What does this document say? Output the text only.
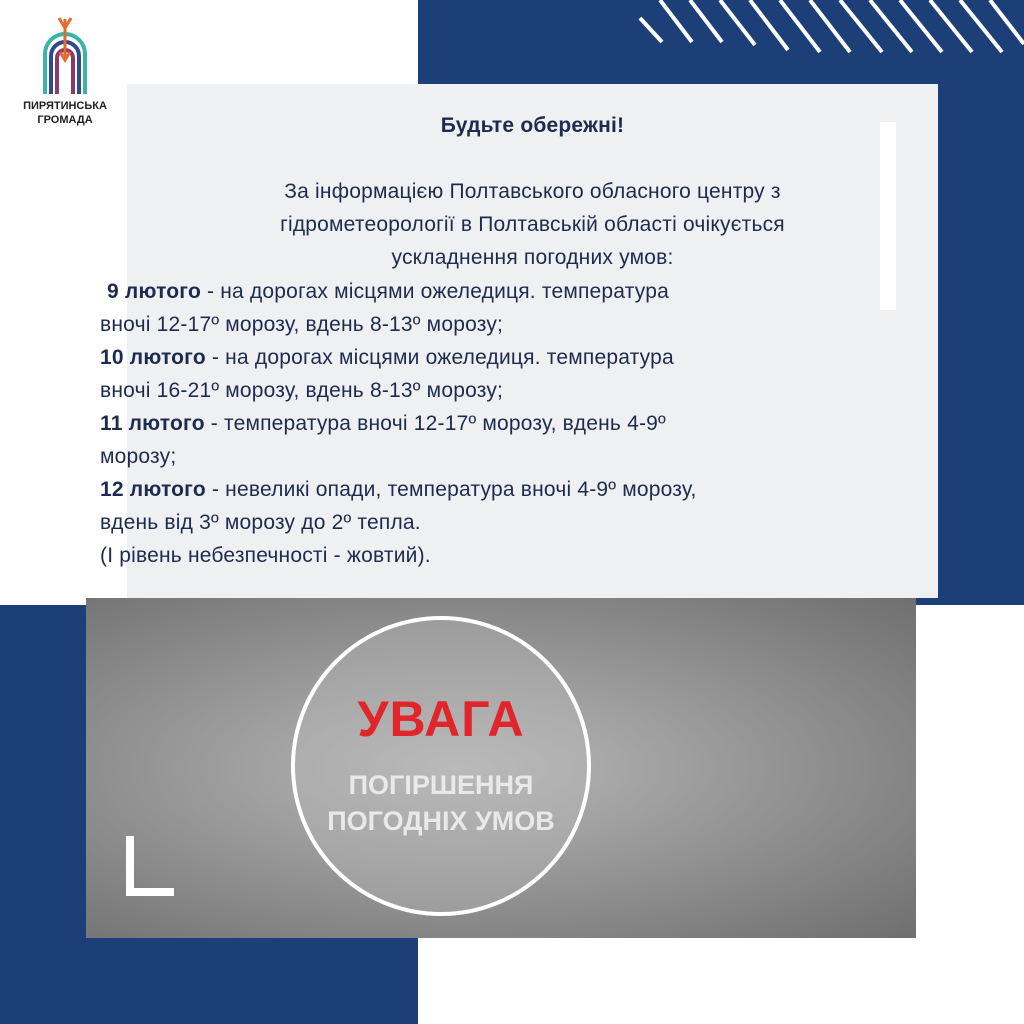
ПИРЯТИНСЬКА
ГРОМАДА	Будьте обережні!
За інформацією Полтавського обласного центру з
гідрометеорології в Полтавській області очікується
ускладнення погодних умов:
9 лютого - на дорогах місцями ожеледиця. температура
вночі 12-17º морозу, вдень 8-13º морозу;
10 лютого - на дорогах місцями ожеледиця. температура
вночі 16-21º морозу, вдень 8-13º морозу;
11 лютого - температура вночі 12-17º морозу, вдень 4-9º
морозу;
12 лютого - невеликі опади, температура вночі 4-9º морозу,
вдень від 3º морозу до 2º тепла.
(І рівень небезпечності - жовтий).
УВАГА
ПОГІРШЕННЯ
ПОГОДНІХ УМОВ
